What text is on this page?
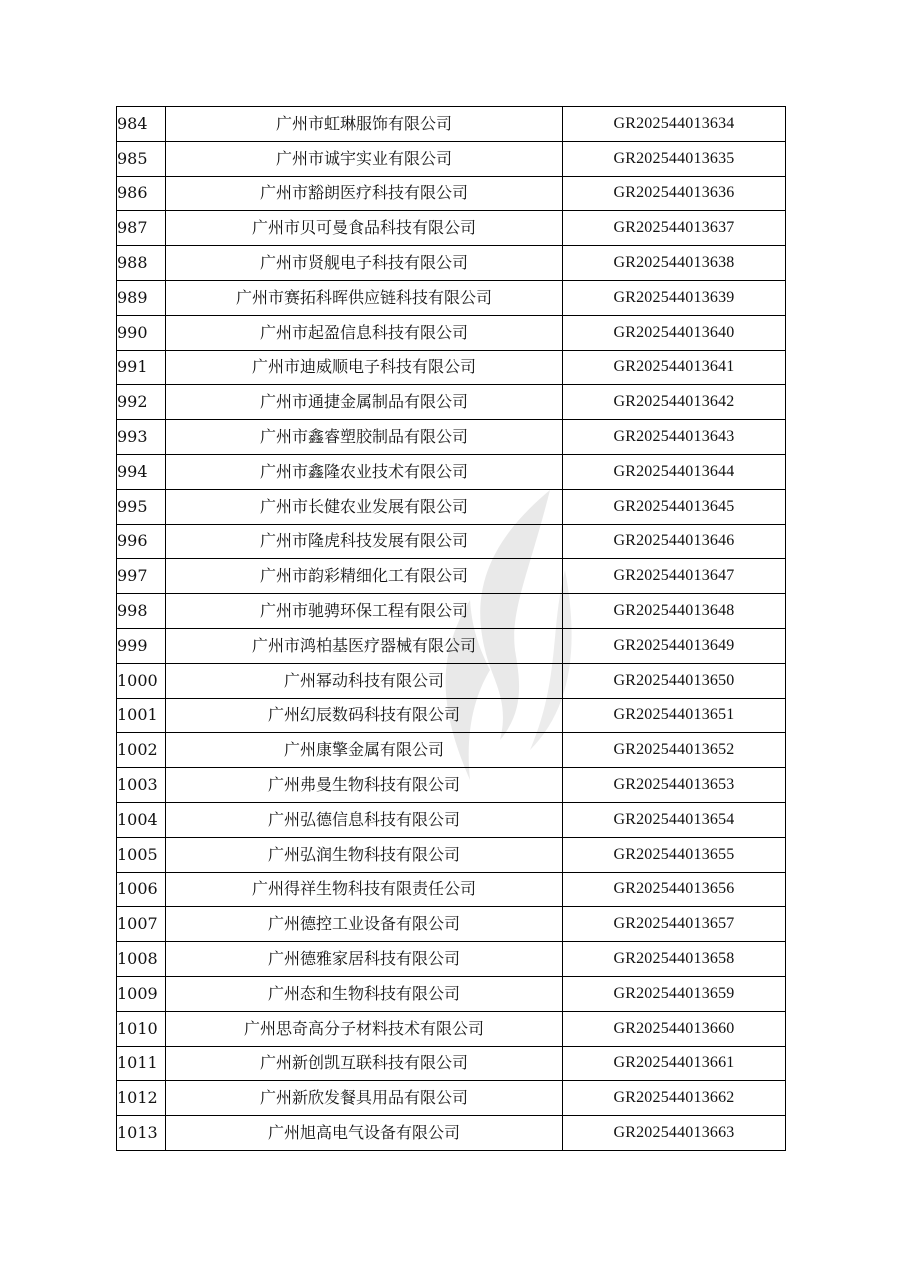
984	广州市虹琳服饰有限公司	GR202544013634
985	广州市诚宇实业有限公司	GR202544013635
986	广州市豁朗医疗科技有限公司	GR202544013636
987	广州市贝可曼食品科技有限公司	GR202544013637
988	广州市贤舰电子科技有限公司	GR202544013638
989	广州市赛拓科晖供应链科技有限公司	GR202544013639
990	广州市起盈信息科技有限公司	GR202544013640
991	广州市迪威顺电子科技有限公司	GR202544013641
992	广州市通捷金属制品有限公司	GR202544013642
993	广州市鑫睿塑胶制品有限公司	GR202544013643
994	广州市鑫隆农业技术有限公司	GR202544013644
995	广州市长健农业发展有限公司	GR202544013645
996	广州市隆虎科技发展有限公司	GR202544013646
997	广州市韵彩精细化工有限公司	GR202544013647
998	广州市驰骋环保工程有限公司	GR202544013648
999	广州市鸿柏基医疗器械有限公司	GR202544013649
1000	广州幂动科技有限公司	GR202544013650
1001	广州幻辰数码科技有限公司	GR202544013651
1002	广州康擎金属有限公司	GR202544013652
1003	广州弗曼生物科技有限公司	GR202544013653
1004	广州弘德信息科技有限公司	GR202544013654
1005	广州弘润生物科技有限公司	GR202544013655
1006	广州得祥生物科技有限责任公司	GR202544013656
1007	广州德控工业设备有限公司	GR202544013657
1008	广州德雅家居科技有限公司	GR202544013658
1009	广州态和生物科技有限公司	GR202544013659
1010	广州思奇高分子材料技术有限公司	GR202544013660
1011	广州新创凯互联科技有限公司	GR202544013661
1012	广州新欣发餐具用品有限公司	GR202544013662
1013	广州旭高电气设备有限公司	GR202544013663
